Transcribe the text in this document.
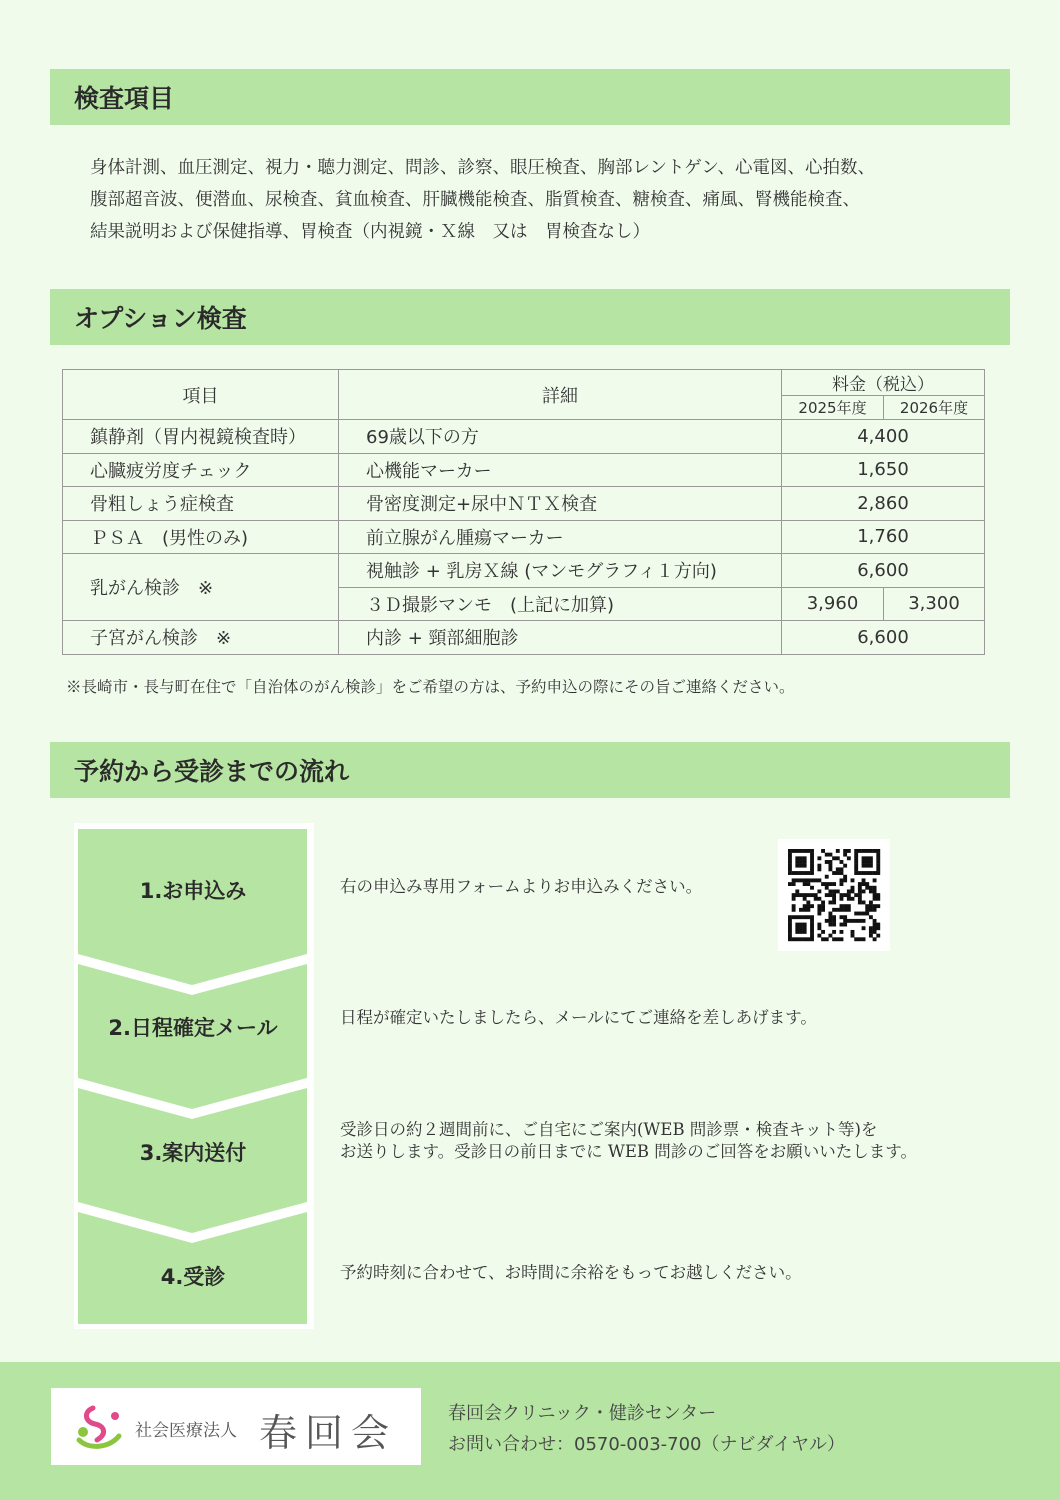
検査項目
身体計測、血圧測定、視力・聴力測定、問診、診察、眼圧検査、胸部レントゲン、心電図、心拍数、
腹部超音波、便潜血、尿検査、貧血検査、肝臓機能検査、脂質検査、糖検査、痛風、腎機能検査、
結果説明および保健指導、胃検査（内視鏡・Ｘ線　又は　胃検査なし）
オプション検査
項目	詳細	料金（税込）	
		2025年度	2026年度
鎮静剤（胃内視鏡検査時）	69歳以下の方	4,400	
心臓疲労度チェック	心機能マーカー	1,650	
骨粗しょう症検査	骨密度測定+尿中ＮＴＸ検査	2,860	
ＰＳＡ　(男性のみ)	前立腺がん腫瘍マーカー	1,760	
乳がん検診　※	視触診 + 乳房Ｘ線 (マンモグラフィ１方向)	6,600	
	３Ｄ撮影マンモ　(上記に加算)	3,960	3,300
子宮がん検診　※	内診 + 頸部細胞診	6,600	
※長崎市・長与町在住で「自治体のがん検診」をご希望の方は、予約申込の際にその旨ご連絡ください。
予約から受診までの流れ
1.お申込み
2.日程確定メール
3.案内送付
4.受診
右の申込み専用フォームよりお申込みください。
日程が確定いたしましたら、メールにてご連絡を差しあげます。
受診日の約２週間前に、ご自宅にご案内(WEB 問診票・検査キット等)を
お送りします。受診日の前日までに WEB 問診のご回答をお願いいたします。
予約時刻に合わせて、お時間に余裕をもってお越しください。
社会医療法人 春回会	春回会クリニック・健診センター
お問い合わせ：0570-003-700（ナビダイヤル）
